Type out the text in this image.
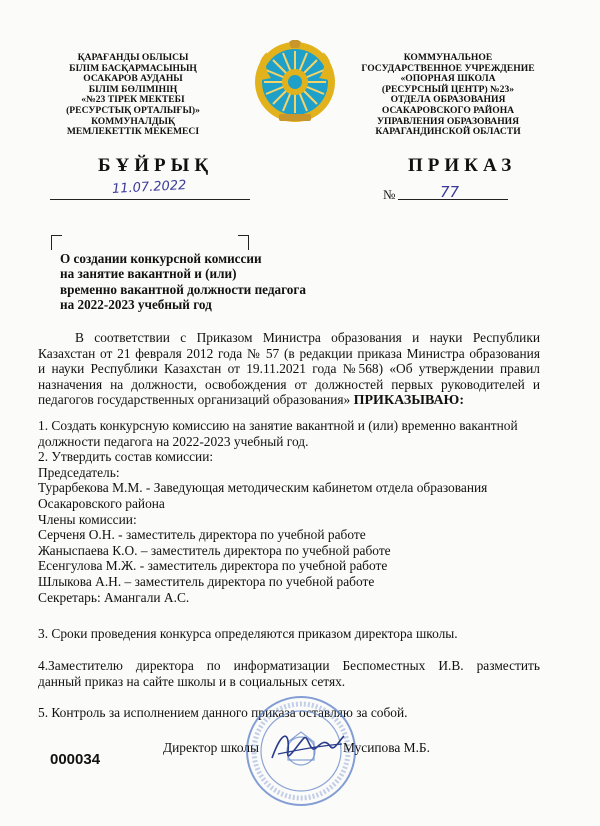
ҚАРАҒАНДЫ ОБЛЫСЫ
БІЛІМ БАСҚАРМАСЫНЫҢ
ОСАКАРОВ АУДАНЫ
БІЛІМ БӨЛІМІНІҢ
«№23 ТІРЕК МЕКТЕБІ
(РЕСУРСТЫҚ ОРТАЛЫҒЫ)»
КОММУНАЛДЫҚ
МЕМЛЕКЕТТІК МЕКЕМЕСІ
КОММУНАЛЬНОЕ
ГОСУДАРСТВЕННОЕ УЧРЕЖДЕНИЕ
«ОПОРНАЯ ШКОЛА
(РЕСУРСНЫЙ ЦЕНТР) №23»
ОТДЕЛА ОБРАЗОВАНИЯ
ОСАКАРОВСКОГО РАЙОНА
УПРАВЛЕНИЯ ОБРАЗОВАНИЯ
КАРАГАНДИНСКОЙ ОБЛАСТИ
БҰЙРЫҚ	ПРИКАЗ
11.07.2022	№	77
О создании конкурсной комиссии
на занятие вакантной и (или)
временно вакантной должности педагога
на 2022-2023 учебный год
В соответствии с Приказом Министра образования и науки Республики
Казахстан от 21 февраля 2012 года № 57 (в редакции приказа Министра образования
и науки Республики Казахстан от 19.11.2021 года №568) «Об утверждении правил
назначения на должности, освобождения от должностей первых руководителей и
педагогов государственных организаций образования» ПРИКАЗЫВАЮ:
1. Создать конкурсную комиссию на занятие вакантной и (или) временно вакантной
должности педагога на 2022-2023 учебный год.
2. Утвердить состав комиссии:
Председатель:
Турарбекова М.М. - Заведующая методическим кабинетом отдела образования
Осакаровского района
Члены комиссии:
Серченя О.Н. - заместитель директора по учебной работе
Жаныспаева К.О. – заместитель директора по учебной работе
Есенгулова М.Ж. - заместитель директора по учебной работе
Шлыкова А.Н. – заместитель директора по учебной работе
Секретарь: Амангали А.С.
3. Сроки проведения конкурса определяются приказом директора школы.
4.Заместителю директора по информатизации Беспоместных И.В. разместить
данный приказ на сайте школы и в социальных сетях.
5. Контроль за исполнением данного приказа оставляю за собой.
Директор школы	Мусипова М.Б.
000034
